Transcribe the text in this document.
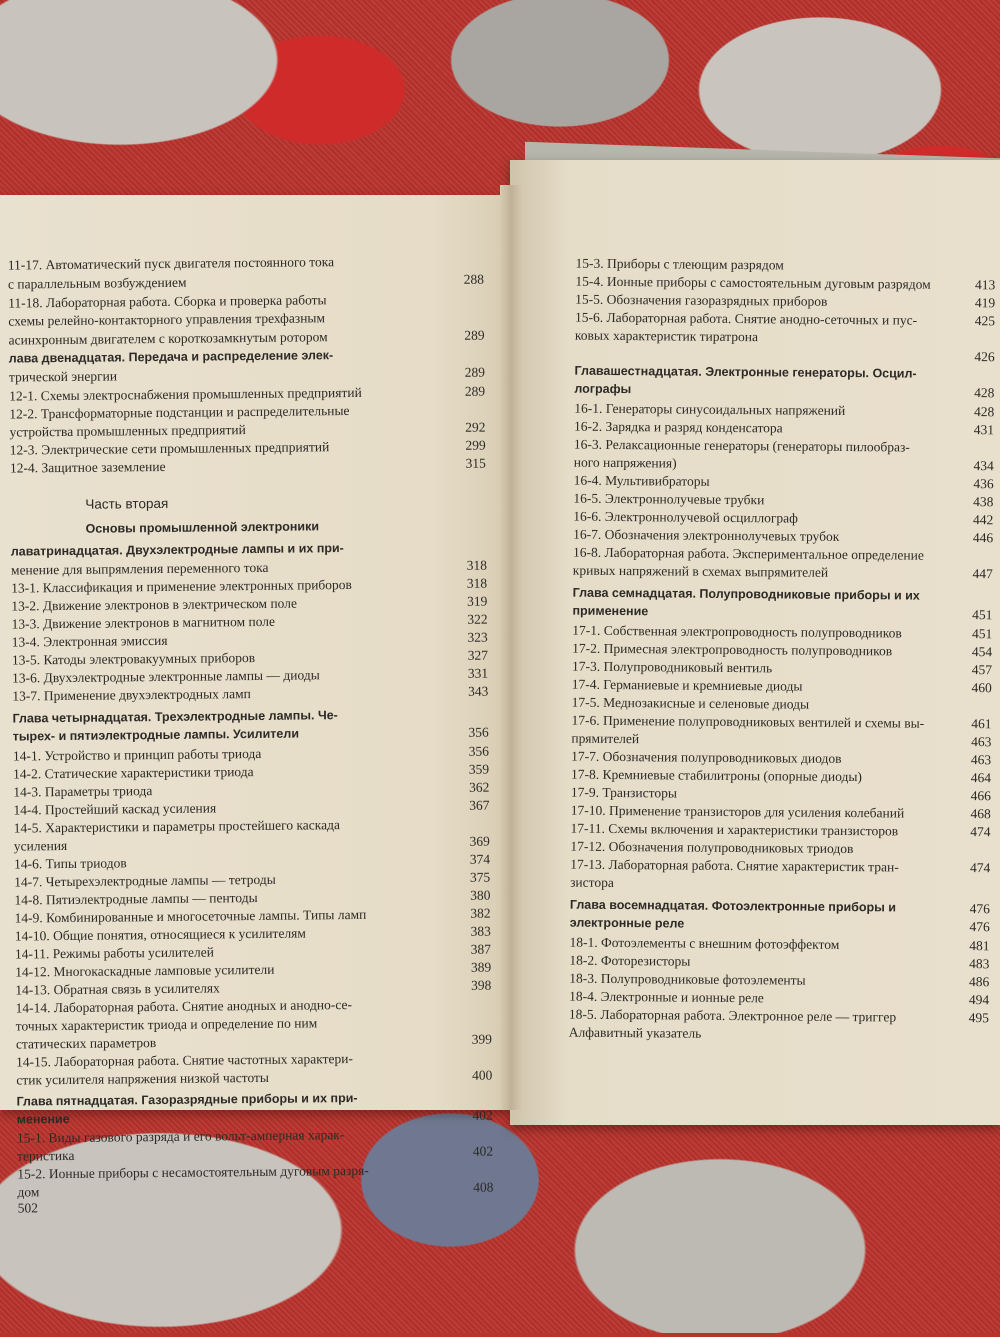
11-17. Автоматический пуск двигателя постоянного тока
с параллельным возбуждением	288
11-18. Лабораторная работа. Сборка и проверка работы
схемы релейно-контакторного управления трехфазным
асинхронным двигателем с короткозамкнутым ротором	289
лава двенадцатая. Передача и распределение элек-
трической энергии	289
12-1. Схемы электроснабжения промышленных предприятий	289
12-2. Трансформаторные подстанции и распределительные
устройства промышленных предприятий	292
12-3. Электрические сети промышленных предприятий	299
12-4. Защитное заземление	315
Часть вторая
Основы промышленной электроники
лаватринадцатая. Двухэлектродные лампы и их при-
менение для выпрямления переменного тока	318
13-1. Классификация и применение электронных приборов	318
13-2. Движение электронов в электрическом поле	319
13-3. Движение электронов в магнитном поле	322
13-4. Электронная эмиссия	323
13-5. Катоды электровакуумных приборов	327
13-6. Двухэлектродные электронные лампы — диоды	331
13-7. Применение двухэлектродных ламп	343
Глава четырнадцатая. Трехэлектродные лампы. Че-
тырех- и пятиэлектродные лампы. Усилители	356
14-1. Устройство и принцип работы триода	356
14-2. Статические характеристики триода	359
14-3. Параметры триода	362
14-4. Простейший каскад усиления	367
14-5. Характеристики и параметры простейшего каскада
усиления	369
14-6. Типы триодов	374
14-7. Четырехэлектродные лампы — тетроды	375
14-8. Пятиэлектродные лампы — пентоды	380
14-9. Комбинированные и многосеточные лампы. Типы ламп	382
14-10. Общие понятия, относящиеся к усилителям	383
14-11. Режимы работы усилителей	387
14-12. Многокаскадные ламповые усилители	389
14-13. Обратная связь в усилителях	398
14-14. Лабораторная работа. Снятие анодных и анодно-се-
точных характеристик триода и определение по ним
статических параметров	399
14-15. Лабораторная работа. Снятие частотных характери-
стик усилителя напряжения низкой частоты	400
Глава пятнадцатая. Газоразрядные приборы и их при-
менение	402
15-1. Виды газового разряда и его вольт-амперная харак-
теристика	402
15-2. Ионные приборы с несамостоятельным дуговым разря-
дом	408
502
15-3. Приборы с тлеющим разрядом
15-4. Ионные приборы с самостоятельным дуговым разрядом	413
15-5. Обозначения газоразрядных приборов	419
15-6. Лабораторная работа. Снятие анодно-сеточных и пус-	425
ковых характеристик тиратрона
426
Главашестнадцатая. Электронные генераторы. Осцил-
лографы	428
16-1. Генераторы синусоидальных напряжений	428
16-2. Зарядка и разряд конденсатора	431
16-3. Релаксационные генераторы (генераторы пилообраз-
ного напряжения)	434
16-4. Мультивибраторы	436
16-5. Электроннолучевые трубки	438
16-6. Электроннолучевой осциллограф	442
16-7. Обозначения электроннолучевых трубок	446
16-8. Лабораторная работа. Экспериментальное определение
кривых напряжений в схемах выпрямителей	447
Глава семнадцатая. Полупроводниковые приборы и их
применение	451
17-1. Собственная электропроводность полупроводников	451
17-2. Примесная электропроводность полупроводников	454
17-3. Полупроводниковый вентиль	457
17-4. Германиевые и кремниевые диоды	460
17-5. Меднозакисные и селеновые диоды
17-6. Применение полупроводниковых вентилей и схемы вы-	461
прямителей	463
17-7. Обозначения полупроводниковых диодов	463
17-8. Кремниевые стабилитроны (опорные диоды)	464
17-9. Транзисторы	466
17-10. Применение транзисторов для усиления колебаний	468
17-11. Схемы включения и характеристики транзисторов	474
17-12. Обозначения полупроводниковых триодов
17-13. Лабораторная работа. Снятие характеристик тран-	474
зистора
Глава восемнадцатая. Фотоэлектронные приборы и	476
электронные реле	476
18-1. Фотоэлементы с внешним фотоэффектом	481
18-2. Фоторезисторы	483
18-3. Полупроводниковые фотоэлементы	486
18-4. Электронные и ионные реле	494
18-5. Лабораторная работа. Электронное реле — триггер	495
Алфавитный указатель
